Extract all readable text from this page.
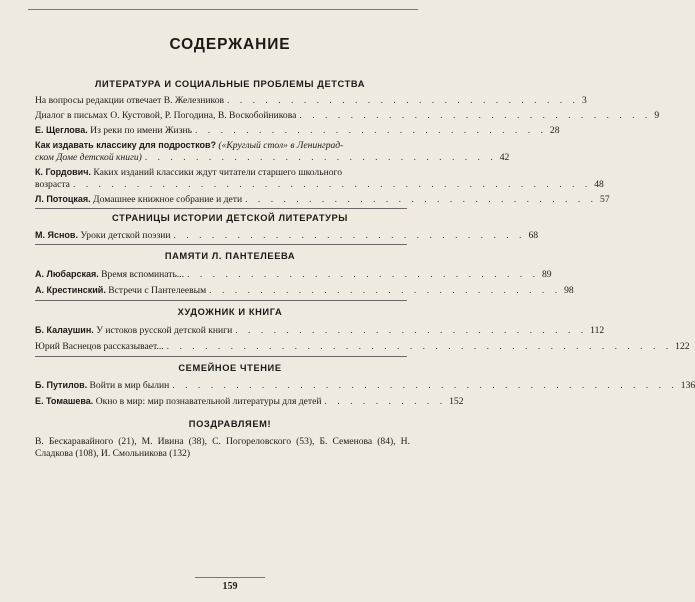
СОДЕРЖАНИЕ
ЛИТЕРАТУРА И СОЦИАЛЬНЫЕ ПРОБЛЕМЫ ДЕТСТВА
На вопросы редакции отвечает В. Железников . . . . . . . . . . . . . . . . . . . . . . . . . . . . 3
Диалог в письмах О. Кустовой, Р. Погодина, В. Воскобойникова . . . . . . . . . . . . . . . . . . . . . . . . . . . . 9
Е. Щеглова. Из реки по имени Жизнь . . . . . . . . . . . . . . . . . . . . . . . . . . . . 28
Как издавать классику для подростков? («Круглый стол» в Ленинград-
ском Доме детской книги) . . . . . . . . . . . . . . . . . . . . . . . . . . . . 42
К. Гордович. Каких изданий классики ждут читатели старшего школьного
возраста . . . . . . . . . . . . . . . . . . . . . . . . . . . . . . . . . . . . . . . . . 48
Л. Потоцкая. Домашнее книжное собрание и дети . . . . . . . . . . . . . . . . . . . . . . . . . . . . 57
СТРАНИЦЫ ИСТОРИИ ДЕТСКОЙ ЛИТЕРАТУРЫ
М. Яснов. Уроки детской поэзии . . . . . . . . . . . . . . . . . . . . . . . . . . . . 68
ПАМЯТИ Л. ПАНТЕЛЕЕВА
А. Любарская. Время вспоминать... . . . . . . . . . . . . . . . . . . . . . . . . . . . . 89
А. Крестинский. Встречи с Пантелеевым . . . . . . . . . . . . . . . . . . . . . . . . . . . . 98
ХУДОЖНИК И КНИГА
Б. Калаушин. У истоков русской детской книги . . . . . . . . . . . . . . . . . . . . . . . . . . . . 112
Юрий Васнецов рассказывает... . . . . . . . . . . . . . . . . . . . . . . . . . . . . . . . . . . . . . . . . 122
СЕМЕЙНОЕ ЧТЕНИЕ
Б. Путилов. Войти в мир былин . . . . . . . . . . . . . . . . . . . . . . . . . . . . . . . . . . . . . . . . 136
Е. Томашева. Окно в мир: мир познавательной литературы для детей . . . . . . . . . . 152
ПОЗДРАВЛЯЕМ!
В. Бескаравайного (21), М. Ивина (38), С. Погореловского (53), Б. Семенова (84), Н. Сладкова (108), И. Смольникова (132)
159
